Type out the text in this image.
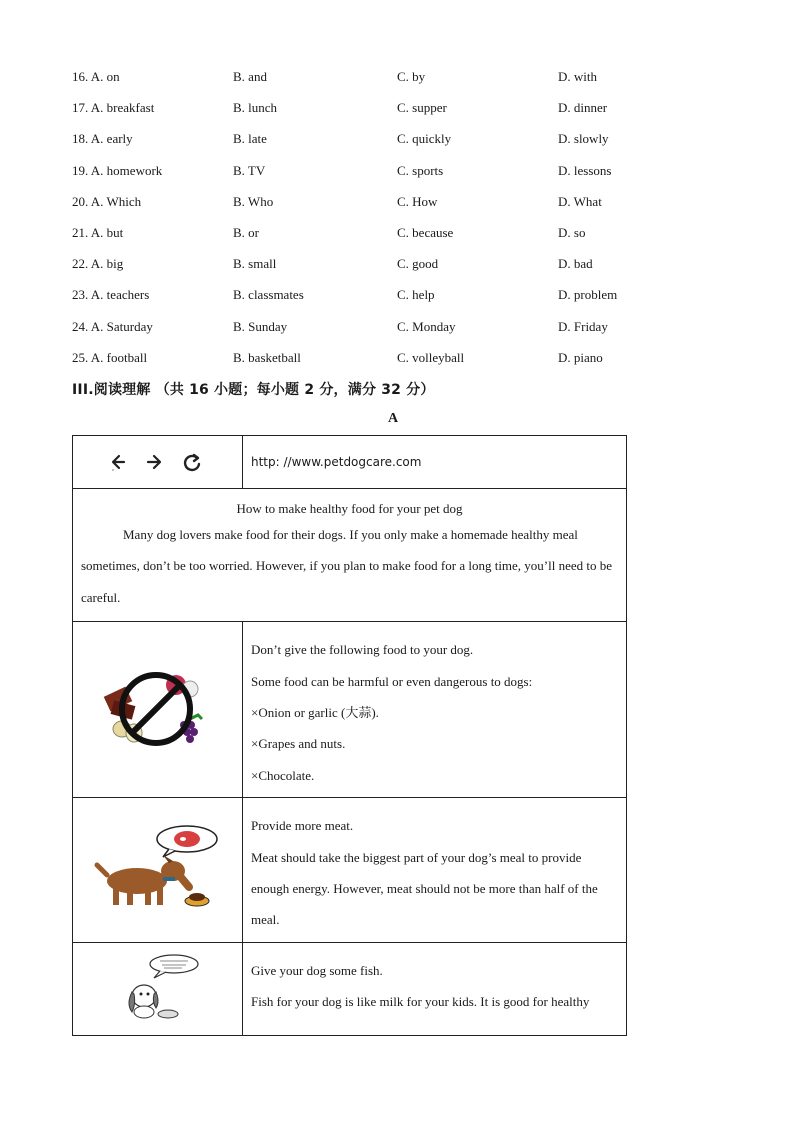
16. A. on	B. and	C. by	D. with
17. A. breakfast	B. lunch	C. supper	D. dinner
18. A. early	B. late	C. quickly	D. slowly
19. A. homework	B. TV	C. sports	D. lessons
20. A. Which	B. Who	C. How	D. What
21. A. but	B. or	C. because	D. so
22. A. big	B. small	C. good	D. bad
23. A. teachers	B. classmates	C. help	D. problem
24. A. Saturday	B. Sunday	C. Monday	D. Friday
25. A. football	B. basketball	C. volleyball	D. piano
III.阅读理解 （共 16 小题；每小题 2 分，满分 32 分）
A
	http: //www.petdogcare.com

How to make healthy food for your pet dog
Many dog lovers make food for their dogs. If you only make a homemade healthy meal sometimes, don’t be too worried. However, if you plan to make food for a long time, you’ll need to be careful.	

Don’t give the following food to your dog.

Some food can be harmful or even dangerous to dogs:

×Onion or garlic (大蒜).

×Grapes and nuts.

×Chocolate.

Provide more meat.

Meat should take the biggest part of your dog’s meal to provide enough energy. However, meat should not be more than half of the meal.

Give your dog some fish.

Fish for your dog is like milk for your kids. It is good for healthy
